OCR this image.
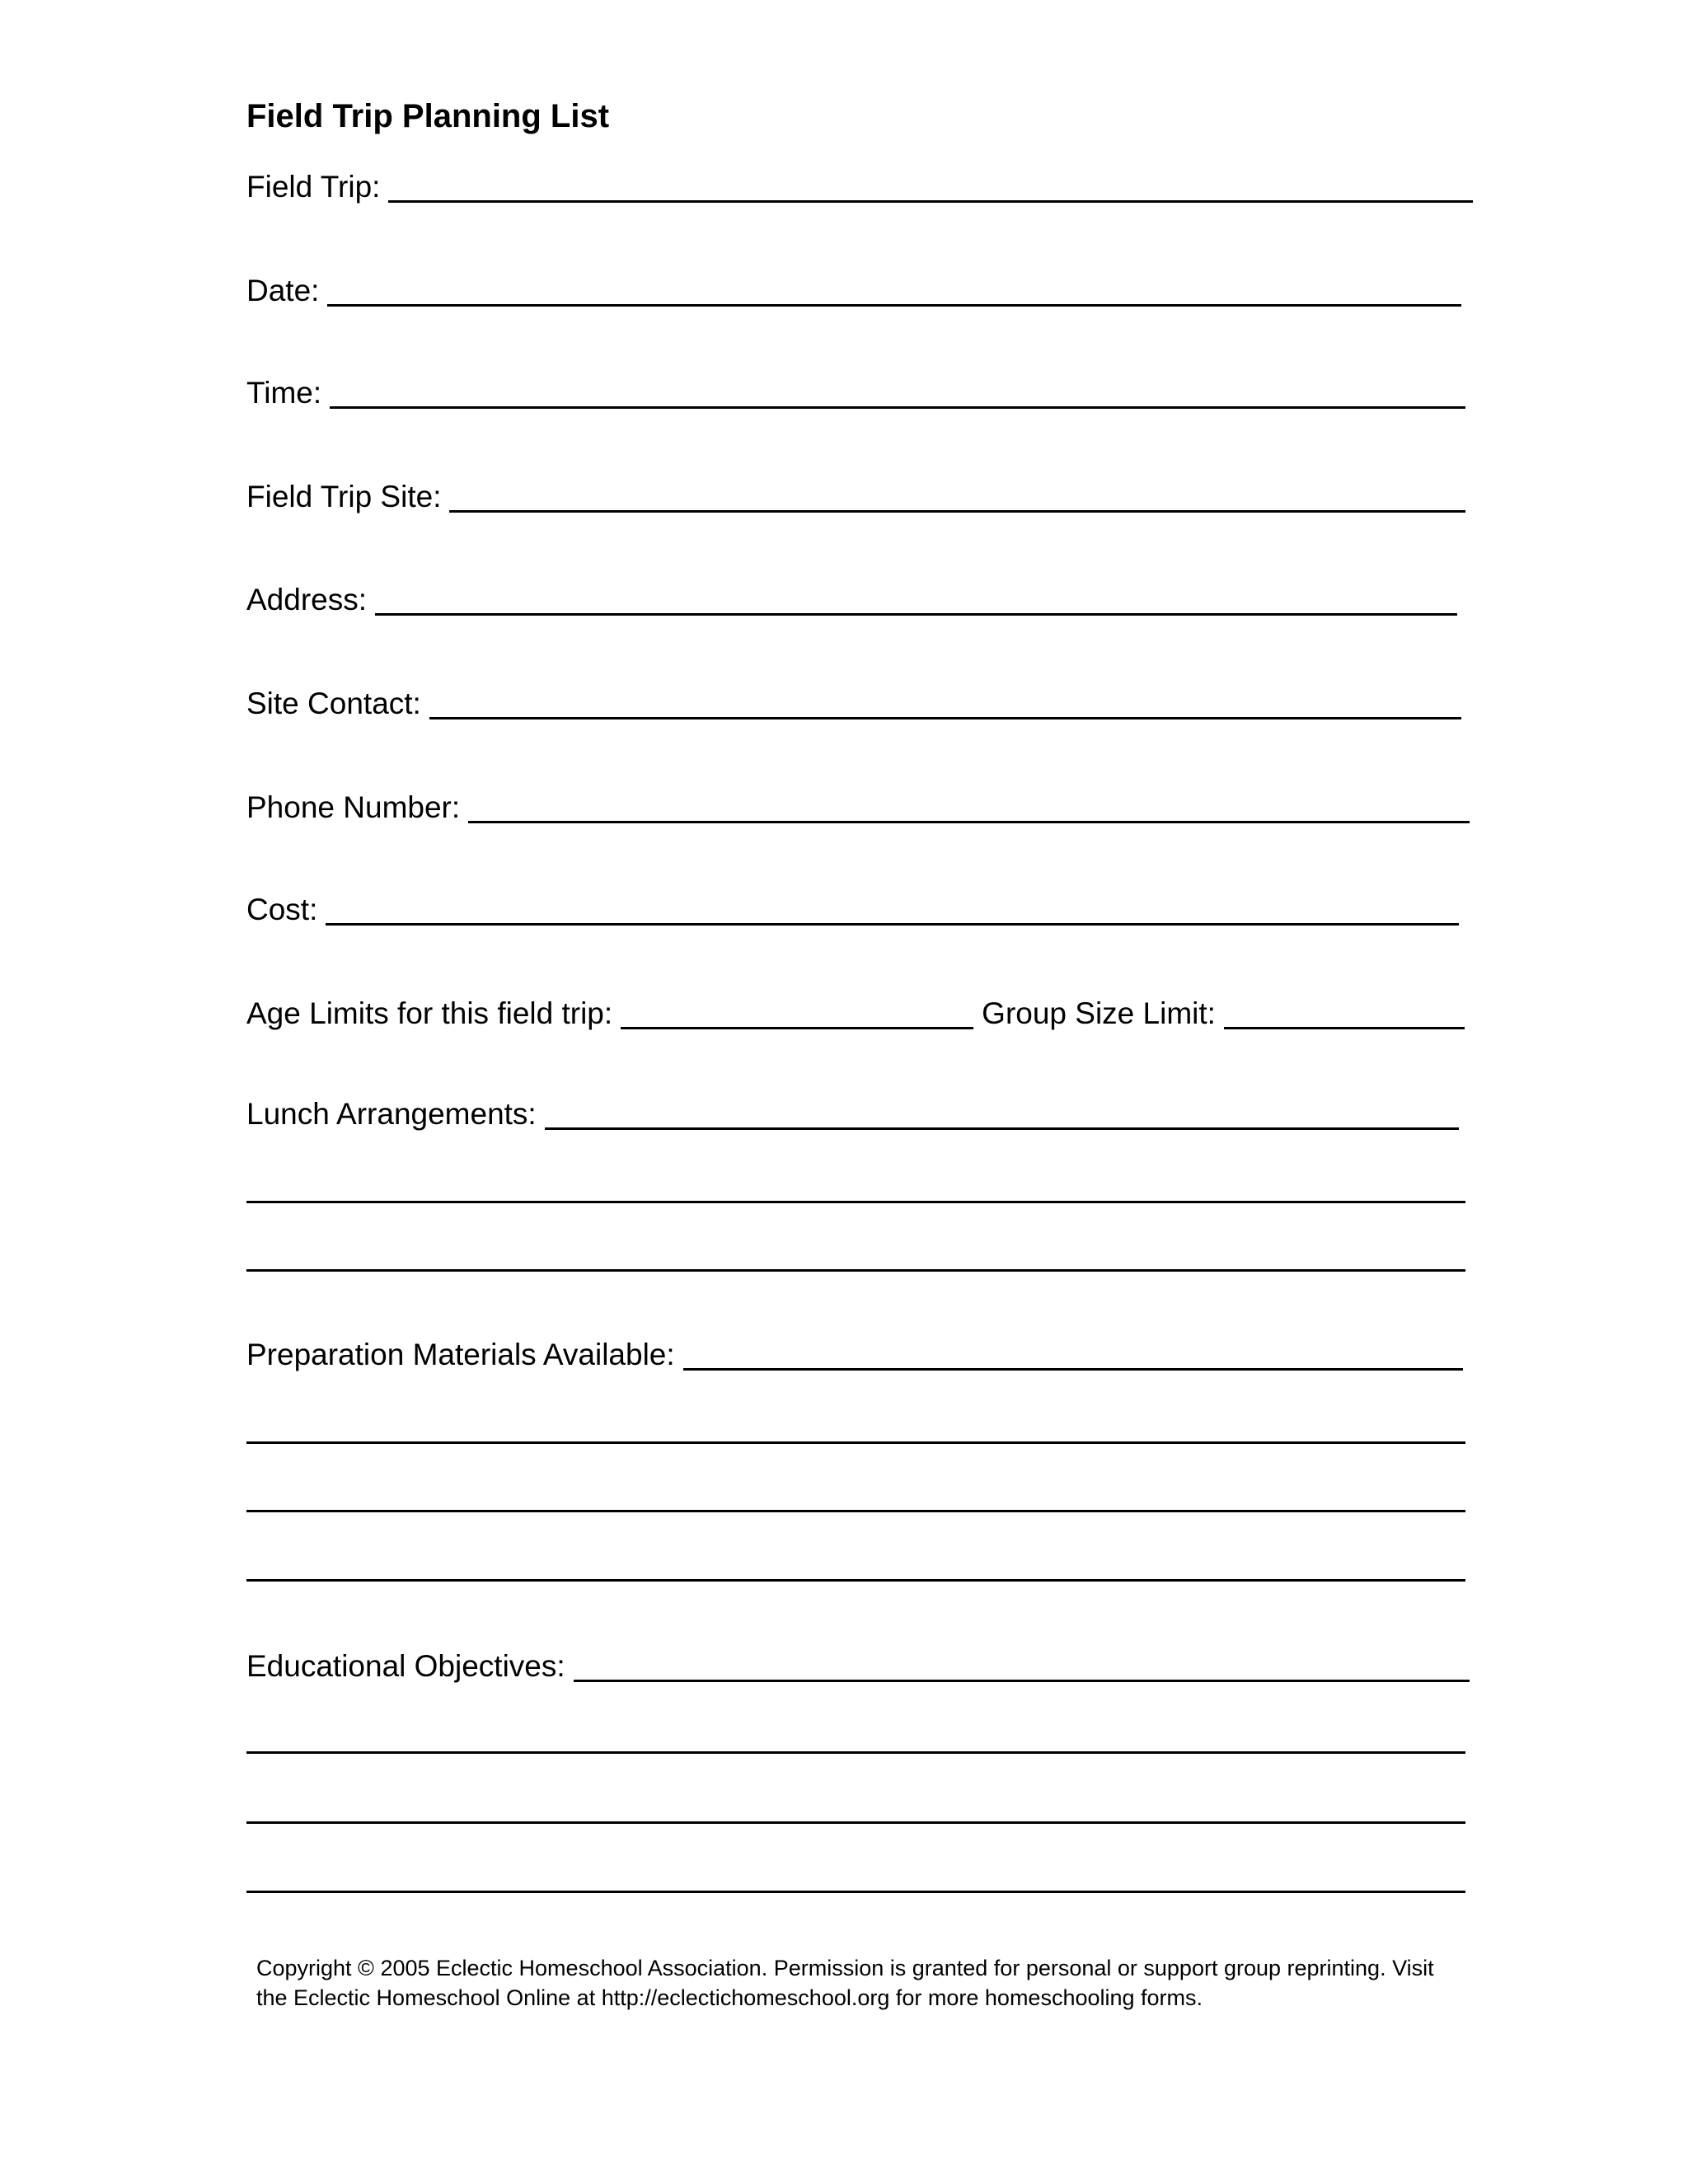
Field Trip Planning List
Field Trip:
Date:
Time:
Field Trip Site:
Address:
Site Contact:
Phone Number:
Cost:
Age Limits for this field trip:	Group Size Limit:
Lunch Arrangements:
Preparation Materials Available:
Educational Objectives:

Copyright © 2005 Eclectic Homeschool Association. Permission is granted for personal or support group reprinting. Visit

the Eclectic Homeschool Online at http://eclectichomeschool.org for more homeschooling forms.
